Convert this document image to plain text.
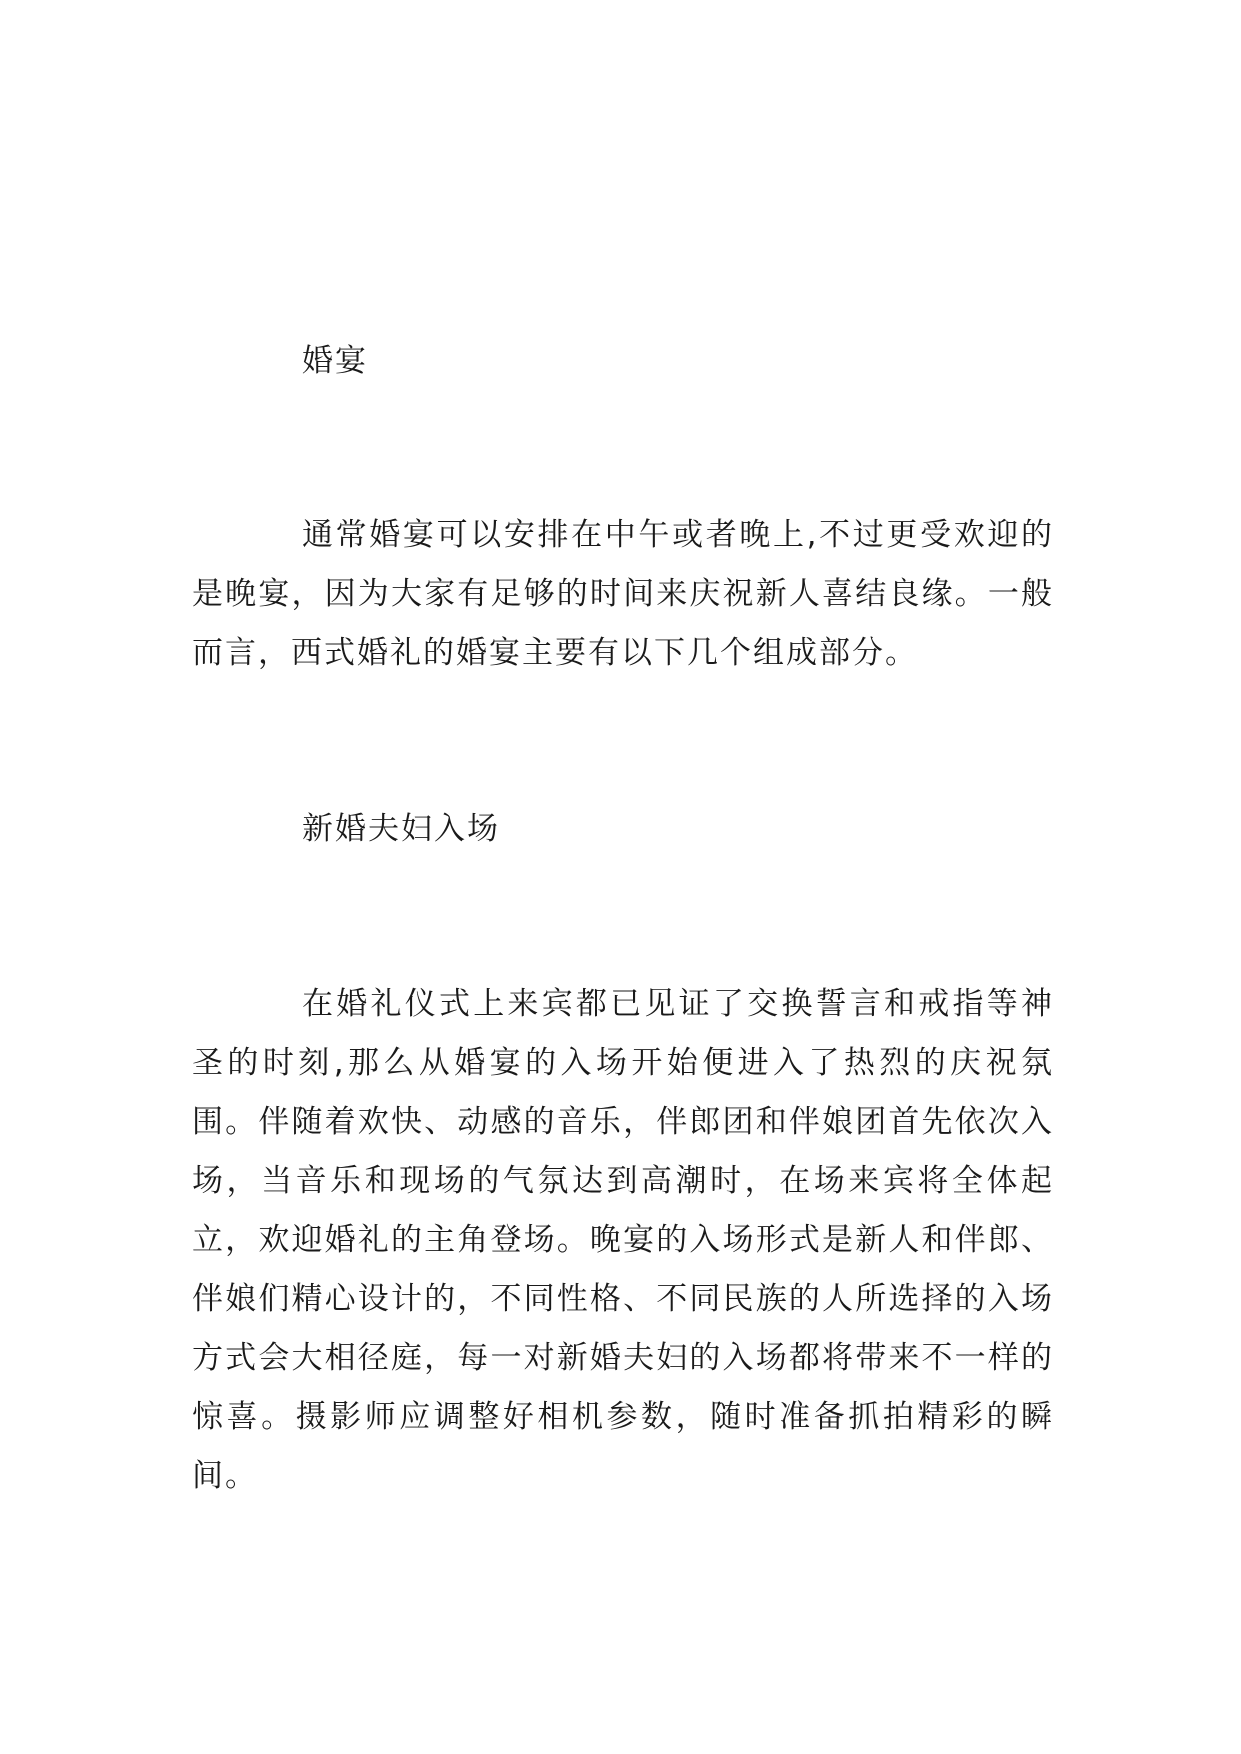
婚宴
通常婚宴可以安排在中午或者晚上,不过更受欢迎的是晚宴，因为大家有足够的时间来庆祝新人喜结良缘。一般而言，西式婚礼的婚宴主要有以下几个组成部分。
新婚夫妇入场
在婚礼仪式上来宾都已见证了交换誓言和戒指等神圣的时刻,那么从婚宴的入场开始便进入了热烈的庆祝氛围。伴随着欢快、动感的音乐，伴郎团和伴娘团首先依次入场，当音乐和现场的气氛达到高潮时，在场来宾将全体起立，欢迎婚礼的主角登场。晚宴的入场形式是新人和伴郎、伴娘们精心设计的，不同性格、不同民族的人所选择的入场方式会大相径庭，每一对新婚夫妇的入场都将带来不一样的惊喜。摄影师应调整好相机参数，随时准备抓拍精彩的瞬间。
